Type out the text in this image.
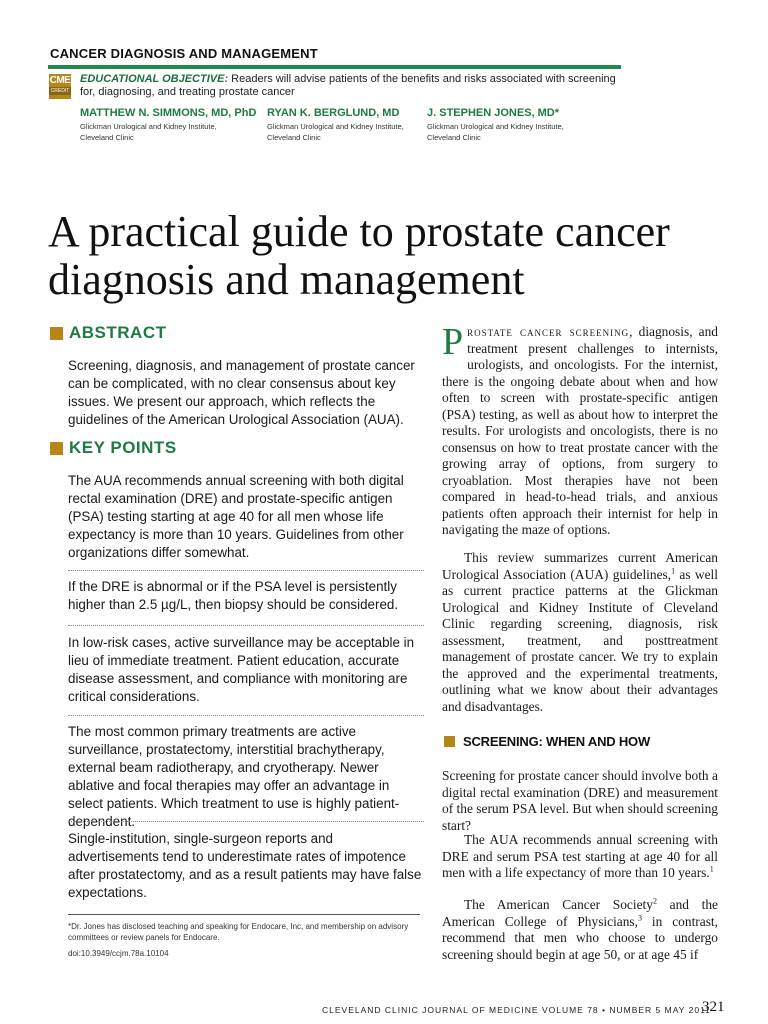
CANCER DIAGNOSIS AND MANAGEMENT
CME
CREDIT
EDUCATIONAL OBJECTIVE: Readers will advise patients of the benefits and risks associated with screening for, diagnosing, and treating prostate cancer
MATTHEW N. SIMMONS, MD, PhD
Glickman Urological and Kidney Institute,
Cleveland Clinic
RYAN K. BERGLUND, MD
Glickman Urological and Kidney Institute,
Cleveland Clinic
J. STEPHEN JONES, MD*
Glickman Urological and Kidney Institute,
Cleveland Clinic
A practical guide to prostate cancer diagnosis and management
ABSTRACT

Screening, diagnosis, and management of prostate cancer can be complicated, with no clear consensus about key issues. We present our approach, which reflects the guidelines of the American Urological Association (AUA).

KEY POINTS

The AUA recommends annual screening with both digital rectal examination (DRE) and prostate-specific antigen (PSA) testing starting at age 40 for all men whose life expectancy is more than 10 years. Guidelines from other organizations differ somewhat.

If the DRE is abnormal or if the PSA level is persistently higher than 2.5 µg/L, then biopsy should be considered.

In low-risk cases, active surveillance may be acceptable in lieu of immediate treatment. Patient education, accurate disease assessment, and compliance with monitoring are critical considerations.

The most common primary treatments are active surveillance, prostatectomy, interstitial brachytherapy, external beam radiotherapy, and cryotherapy. Newer ablative and focal therapies may offer an advantage in select patients. Which treatment to use is highly patient-dependent.

Single-institution, single-surgeon reports and advertisements tend to underestimate rates of impotence after prostatectomy, and as a result patients may have false expectations.

*Dr. Jones has disclosed teaching and speaking for Endocare, Inc, and membership on advisory committees or review panels for Endocare.

doi:10.3949/ccjm.78a.10104

Prostate cancer screening, diagnosis, and treatment present challenges to internists, urologists, and oncologists. For the internist, there is the ongoing debate about when and how often to screen with prostate-specific antigen (PSA) testing, as well as about how to interpret the results. For urologists and oncologists, there is no consensus on how to treat prostate cancer with the growing array of options, from surgery to cryoablation. Most therapies have not been compared in head-to-head trials, and anxious patients often approach their internist for help in navigating the maze of options.

This review summarizes current American Urological Association (AUA) guidelines,$^1$ as well as current practice patterns at the Glickman Urological and Kidney Institute of Cleveland Clinic regarding screening, diagnosis, risk assessment, treatment, and posttreatment management of prostate cancer. We try to explain the approved and the experimental treatments, outlining what we know about their advantages and disadvantages.

SCREENING: WHEN AND HOW

Screening for prostate cancer should involve both a digital rectal examination (DRE) and measurement of the serum PSA level. But when should screening start?

The AUA recommends annual screening with DRE and serum PSA test starting at age 40 for all men with a life expectancy of more than 10 years.$^1$

The American Cancer Society$^2$ and the American College of Physicians,$^3$ in contrast, recommend that men who choose to undergo screening should begin at age 50, or at age 45 if

CLEVELAND CLINIC JOURNAL OF MEDICINE VOLUME 78 • NUMBER 5 MAY 2011
321
